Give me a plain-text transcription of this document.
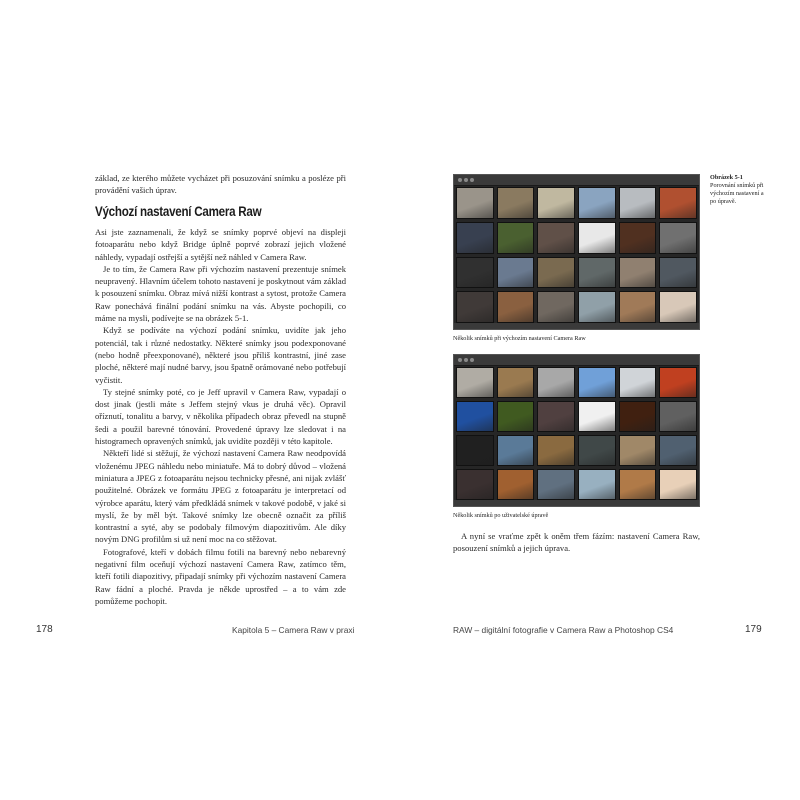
základ, ze kterého můžete vycházet při posuzování snímku a posléze při provádění vašich úprav.

Výchozí nastavení Camera Raw

Asi jste zaznamenali, že když se snímky poprvé objeví na displeji fotoaparátu nebo když Bridge úplně poprvé zobrazí jejich vložené náhledy, vypadají ostřejší a sytější než náhled v Camera Raw.

Je to tím, že Camera Raw při výchozím nastavení prezentuje snímek neupravený. Hlavním účelem tohoto nastavení je poskytnout vám základ k posouzení snímku. Obraz mívá nižší kontrast a sytost, protože Camera Raw ponechává finální podání snímku na vás. Abyste pochopili, co máme na mysli, podívejte se na obrázek 5-1.

Když se podíváte na výchozí podání snímku, uvidíte jak jeho potenciál, tak i různé nedostatky. Některé snímky jsou podexponované (nebo hodně přeexponované), některé jsou příliš kontrastní, jiné zase ploché, některé mají nudné barvy, jsou špatně orámované nebo potřebují vyčistit.

Ty stejné snímky poté, co je Jeff upravil v Camera Raw, vypadají o dost jinak (jestli máte s Jeffem stejný vkus je druhá věc). Opravil oříznutí, tonalitu a barvy, v několika případech obraz převedl na stupně šedi a použil barevné tónování. Provedené úpravy lze sledovat i na histogramech opravených snímků, jak uvidíte později v této kapitole.

Někteří lidé si stěžují, že výchozí nastavení Camera Raw neodpovídá vloženému JPEG náhledu nebo miniatuře. Má to dobrý důvod – vložená miniatura a JPEG z fotoaparátu nejsou technicky přesné, ani nijak zvlášť použitelné. Obrázek ve formátu JPEG z fotoaparátu je interpretací od výrobce aparátu, který vám předkládá snímek v takové podobě, v jaké si myslí, že by měl být. Takové snímky lze obecně označit za příliš kontrastní a syté, aby se podobaly filmovým diapozitivům. Ale díky novým DNG profilům si už není moc na co stěžovat.

Fotografové, kteří v dobách filmu fotili na barevný nebo nebarevný negativní film oceňují výchozí nastavení Camera Raw, zatímco těm, kteří fotili diapozitivy, připadají snímky při výchozím nastavení Camera Raw fádní a ploché. Pravda je někde uprostřed – a to vám zde pomůžeme pochopit.

178	Kapitola 5 – Camera Raw v praxi
Několik snímků při výchozím nastavení Camera Raw
Několik snímků po uživatelské úpravě
Obrázek 5-1
Porovnání snímků při výchozím nastavení a po úpravě.

A nyní se vraťme zpět k oněm třem fázím: nastavení Camera Raw, posouzení snímků a jejich úprava.

RAW – digitální fotografie v Camera Raw a Photoshop CS4	179
